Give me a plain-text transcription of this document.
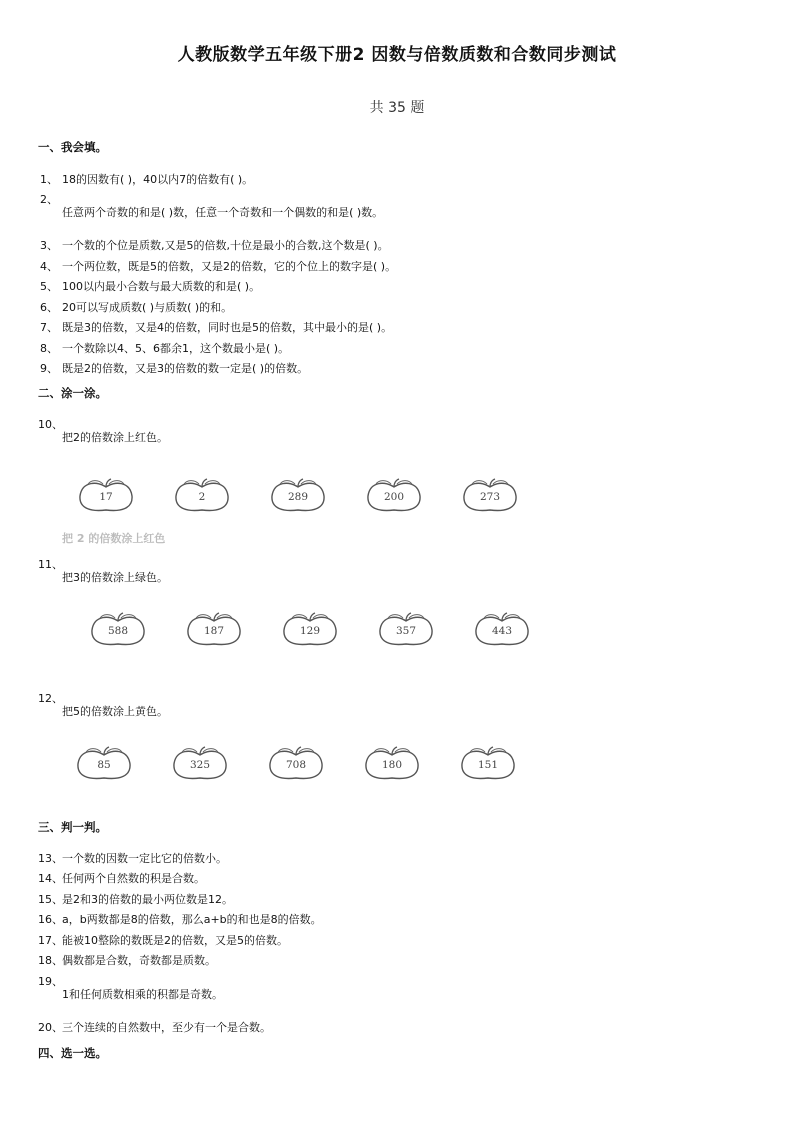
人教版数学五年级下册2 因数与倍数质数和合数同步测试
共 35 题
一、我会填。
1、 18的因数有( )，40以内7的倍数有( )。
2、
任意两个奇数的和是( )数，任意一个奇数和一个偶数的和是( )数。
3、 一个数的个位是质数,又是5的倍数,十位是最小的合数,这个数是( )。
4、 一个两位数，既是5的倍数，又是2的倍数，它的个位上的数字是( )。
5、 100以内最小合数与最大质数的和是( )。
6、 20可以写成质数( )与质数( )的和。
7、 既是3的倍数，又是4的倍数，同时也是5的倍数，其中最小的是( )。
8、 一个数除以4、5、6都余1，这个数最小是( )。
9、 既是2的倍数，又是3的倍数的数一定是( )的倍数。
二、涂一涂。
10、
把2的倍数涂上红色。
17	2	289	200	273
把 2 的倍数涂上红色
11、
把3的倍数涂上绿色。
588	187	129	357	443
12、
把5的倍数涂上黄色。
85	325	708	180	151
三、判一判。
13、 一个数的因数一定比它的倍数小。
14、 任何两个自然数的积是合数。
15、 是2和3的倍数的最小两位数是12。
16、 a，b两数都是8的倍数，那么a+b的和也是8的倍数。
17、 能被10整除的数既是2的倍数，又是5的倍数。
18、 偶数都是合数，奇数都是质数。
19、
1和任何质数相乘的积都是奇数。
20、 三个连续的自然数中，至少有一个是合数。
四、选一选。
